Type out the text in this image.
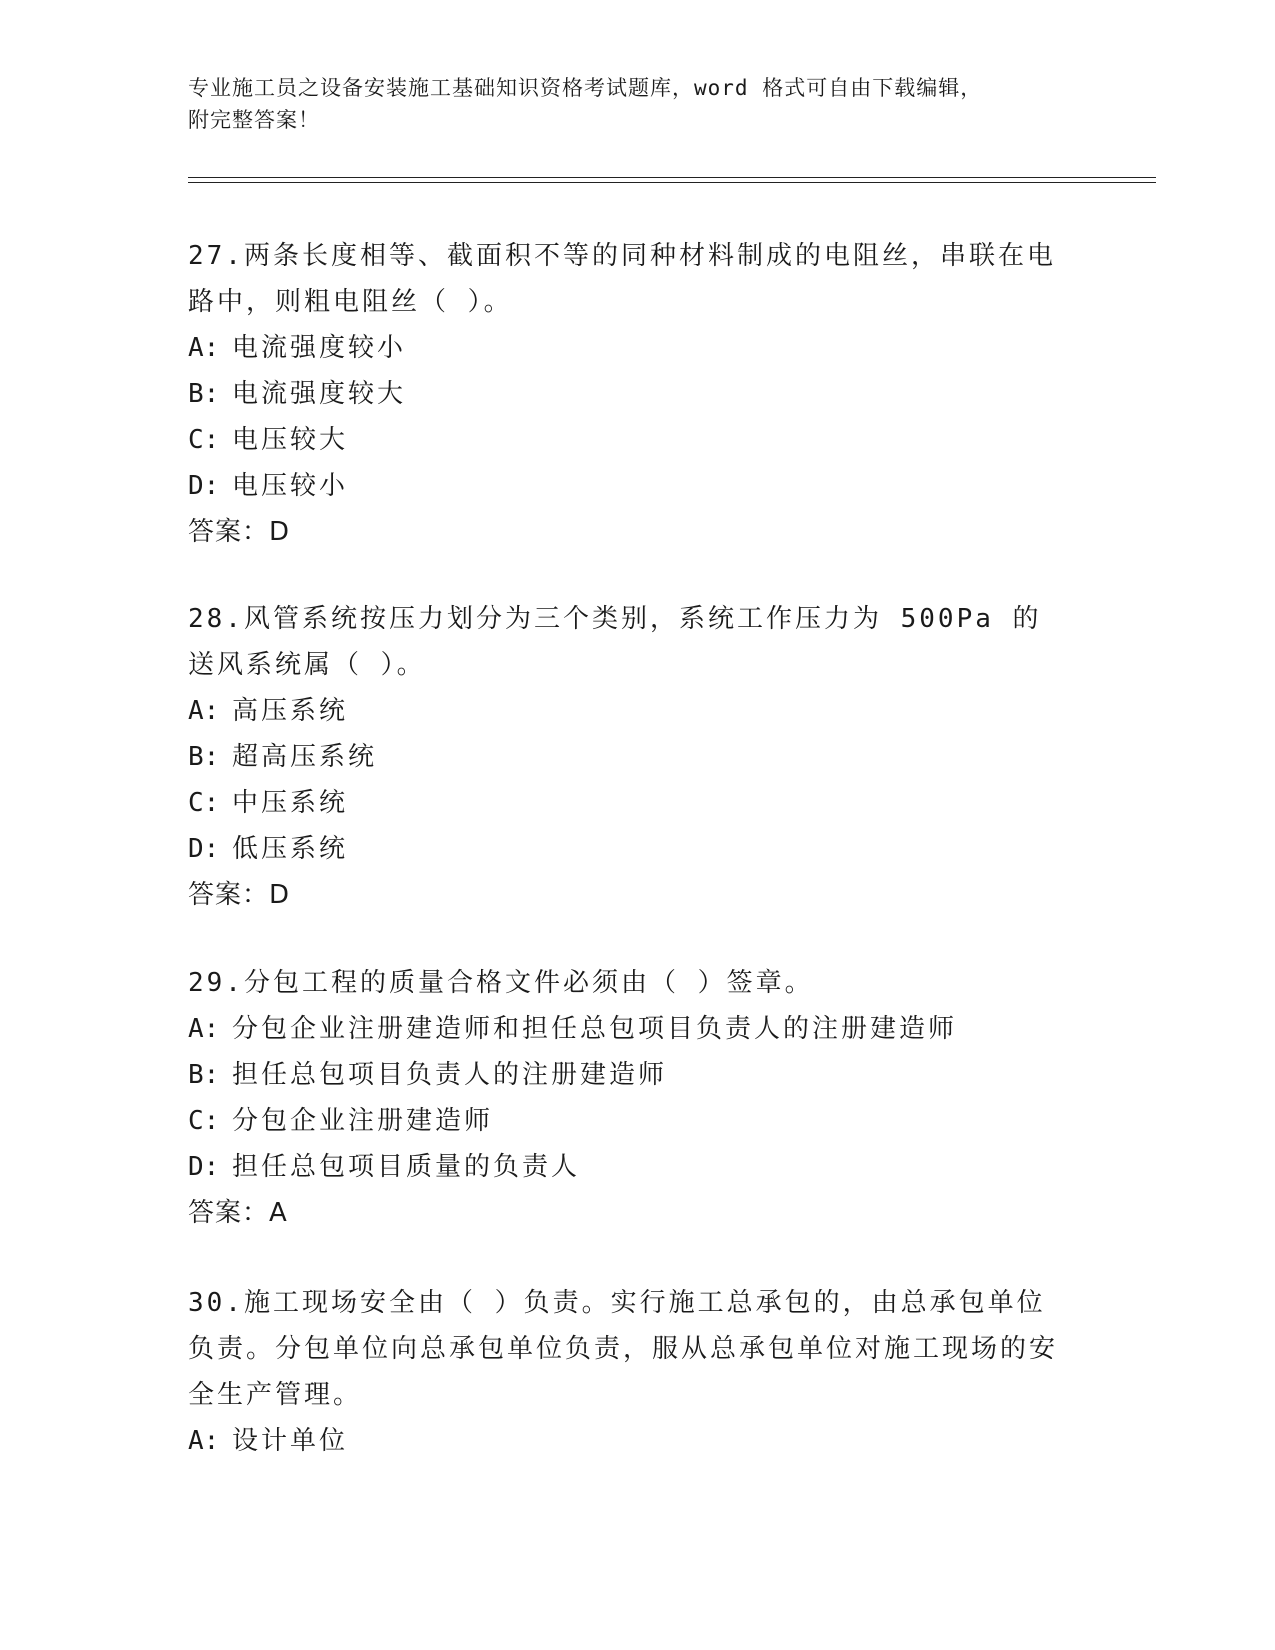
专业施工员之设备安装施工基础知识资格考试题库，word 格式可自由下载编辑，
附完整答案！

27.两条长度相等、截面积不等的同种材料制成的电阻丝，串联在电路中，则粗电阻丝（ ）。

A: 电流强度较小

B: 电流强度较大

C: 电压较大

D: 电压较小

答案：D

28.风管系统按压力划分为三个类别，系统工作压力为 500Pa 的送风系统属（ ）。

A: 高压系统

B: 超高压系统

C: 中压系统

D: 低压系统

答案：D

29.分包工程的质量合格文件必须由（ ）签章。

A: 分包企业注册建造师和担任总包项目负责人的注册建造师

B: 担任总包项目负责人的注册建造师

C: 分包企业注册建造师

D: 担任总包项目质量的负责人

答案：A

30.施工现场安全由（ ）负责。实行施工总承包的，由总承包单位负责。分包单位向总承包单位负责，服从总承包单位对施工现场的安全生产管理。

A: 设计单位
